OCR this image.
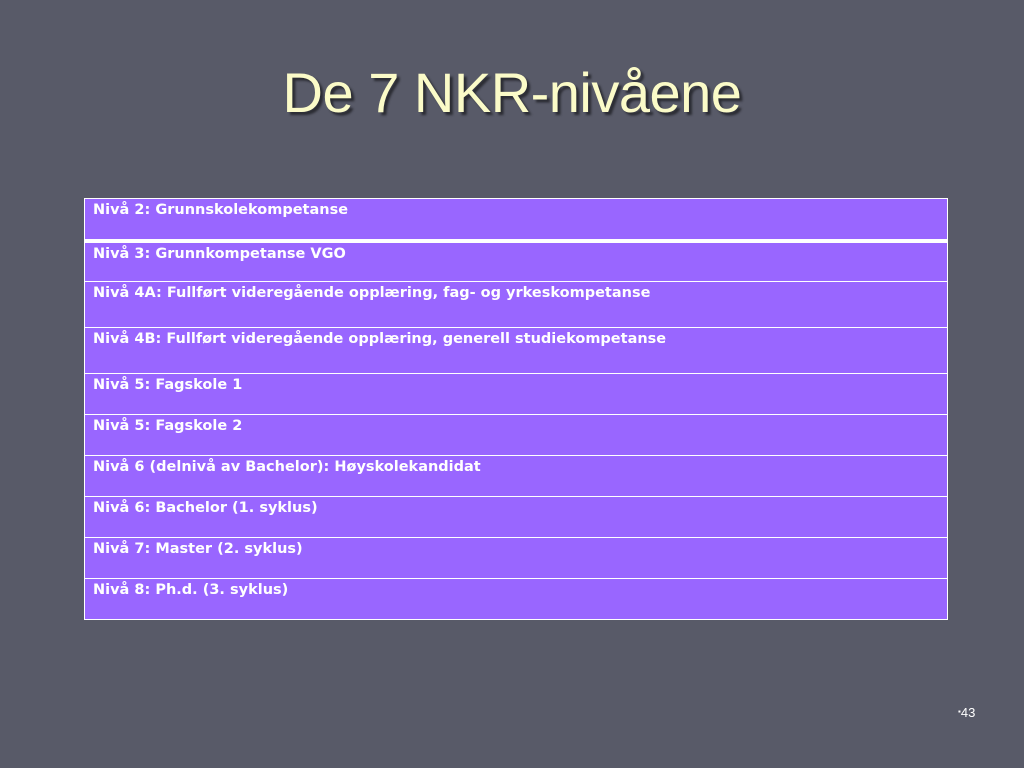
De 7 NKR-nivåene
Nivå 2: Grunnskolekompetanse
Nivå 3: Grunnkompetanse VGO
Nivå 4A: Fullført videregående opplæring, fag- og yrkeskompetanse
Nivå 4B: Fullført videregående opplæring, generell studiekompetanse
Nivå 5: Fagskole 1
Nivå 5: Fagskole 2
Nivå 6 (delnivå av Bachelor): Høyskolekandidat
Nivå 6: Bachelor (1. syklus)
Nivå 7: Master (2. syklus)
Nivå 8: Ph.d. (3. syklus)
▪43
